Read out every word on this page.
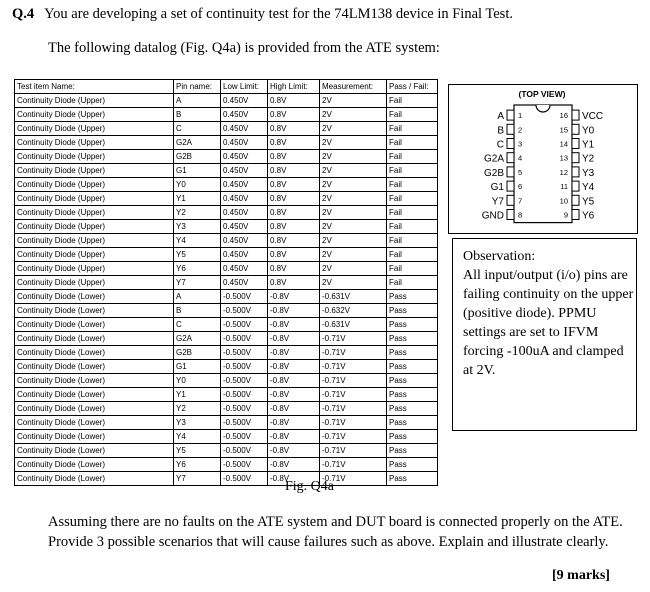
Q.4 You are developing a set of continuity test for the 74LM138 device in Final Test.
The following datalog (Fig. Q4a) is provided from the ATE system:
Test item Name:	Pin name:	Low Limit:	High Limit:	Measurement:	Pass / Fail:
Continuity Diode (Upper)	A	0.450V	0.8V	2V	Fail
Continuity Diode (Upper)	B	0.450V	0.8V	2V	Fail
Continuity Diode (Upper)	C	0.450V	0.8V	2V	Fail
Continuity Diode (Upper)	G2A	0.450V	0.8V	2V	Fail
Continuity Diode (Upper)	G2B	0.450V	0.8V	2V	Fail
Continuity Diode (Upper)	G1	0.450V	0.8V	2V	Fail
Continuity Diode (Upper)	Y0	0.450V	0.8V	2V	Fail
Continuity Diode (Upper)	Y1	0.450V	0.8V	2V	Fail
Continuity Diode (Upper)	Y2	0.450V	0.8V	2V	Fail
Continuity Diode (Upper)	Y3	0.450V	0.8V	2V	Fail
Continuity Diode (Upper)	Y4	0.450V	0.8V	2V	Fail
Continuity Diode (Upper)	Y5	0.450V	0.8V	2V	Fail
Continuity Diode (Upper)	Y6	0.450V	0.8V	2V	Fail
Continuity Diode (Upper)	Y7	0.450V	0.8V	2V	Fail
Continuity Diode (Lower)	A	-0.500V	-0.8V	-0.631V	Pass
Continuity Diode (Lower)	B	-0.500V	-0.8V	-0.632V	Pass
Continuity Diode (Lower)	C	-0.500V	-0.8V	-0.631V	Pass
Continuity Diode (Lower)	G2A	-0.500V	-0.8V	-0.71V	Pass
Continuity Diode (Lower)	G2B	-0.500V	-0.8V	-0.71V	Pass
Continuity Diode (Lower)	G1	-0.500V	-0.8V	-0.71V	Pass
Continuity Diode (Lower)	Y0	-0.500V	-0.8V	-0.71V	Pass
Continuity Diode (Lower)	Y1	-0.500V	-0.8V	-0.71V	Pass
Continuity Diode (Lower)	Y2	-0.500V	-0.8V	-0.71V	Pass
Continuity Diode (Lower)	Y3	-0.500V	-0.8V	-0.71V	Pass
Continuity Diode (Lower)	Y4	-0.500V	-0.8V	-0.71V	Pass
Continuity Diode (Lower)	Y5	-0.500V	-0.8V	-0.71V	Pass
Continuity Diode (Lower)	Y6	-0.500V	-0.8V	-0.71V	Pass
Continuity Diode (Lower)	Y7	-0.500V	-0.8V	-0.71V	Pass
Fig. Q4a
(TOP VIEW)
1
A
2
B
3
C
4
G2A
5
G2B
6
G1
7
Y7
8
GND
16 VCC
15 Y0
14 Y1
13 Y2
12 Y3
11 Y4
10 Y5
9 Y6
Observation:
All input/output (i/o) pins are failing continuity on the upper (positive diode). PPMU settings are set to IFVM forcing -100uA and clamped at 2V.
Assuming there are no faults on the ATE system and DUT board is connected properly on the ATE. Provide 3 possible scenarios that will cause failures such as above. Explain and illustrate clearly.
[9 marks]
